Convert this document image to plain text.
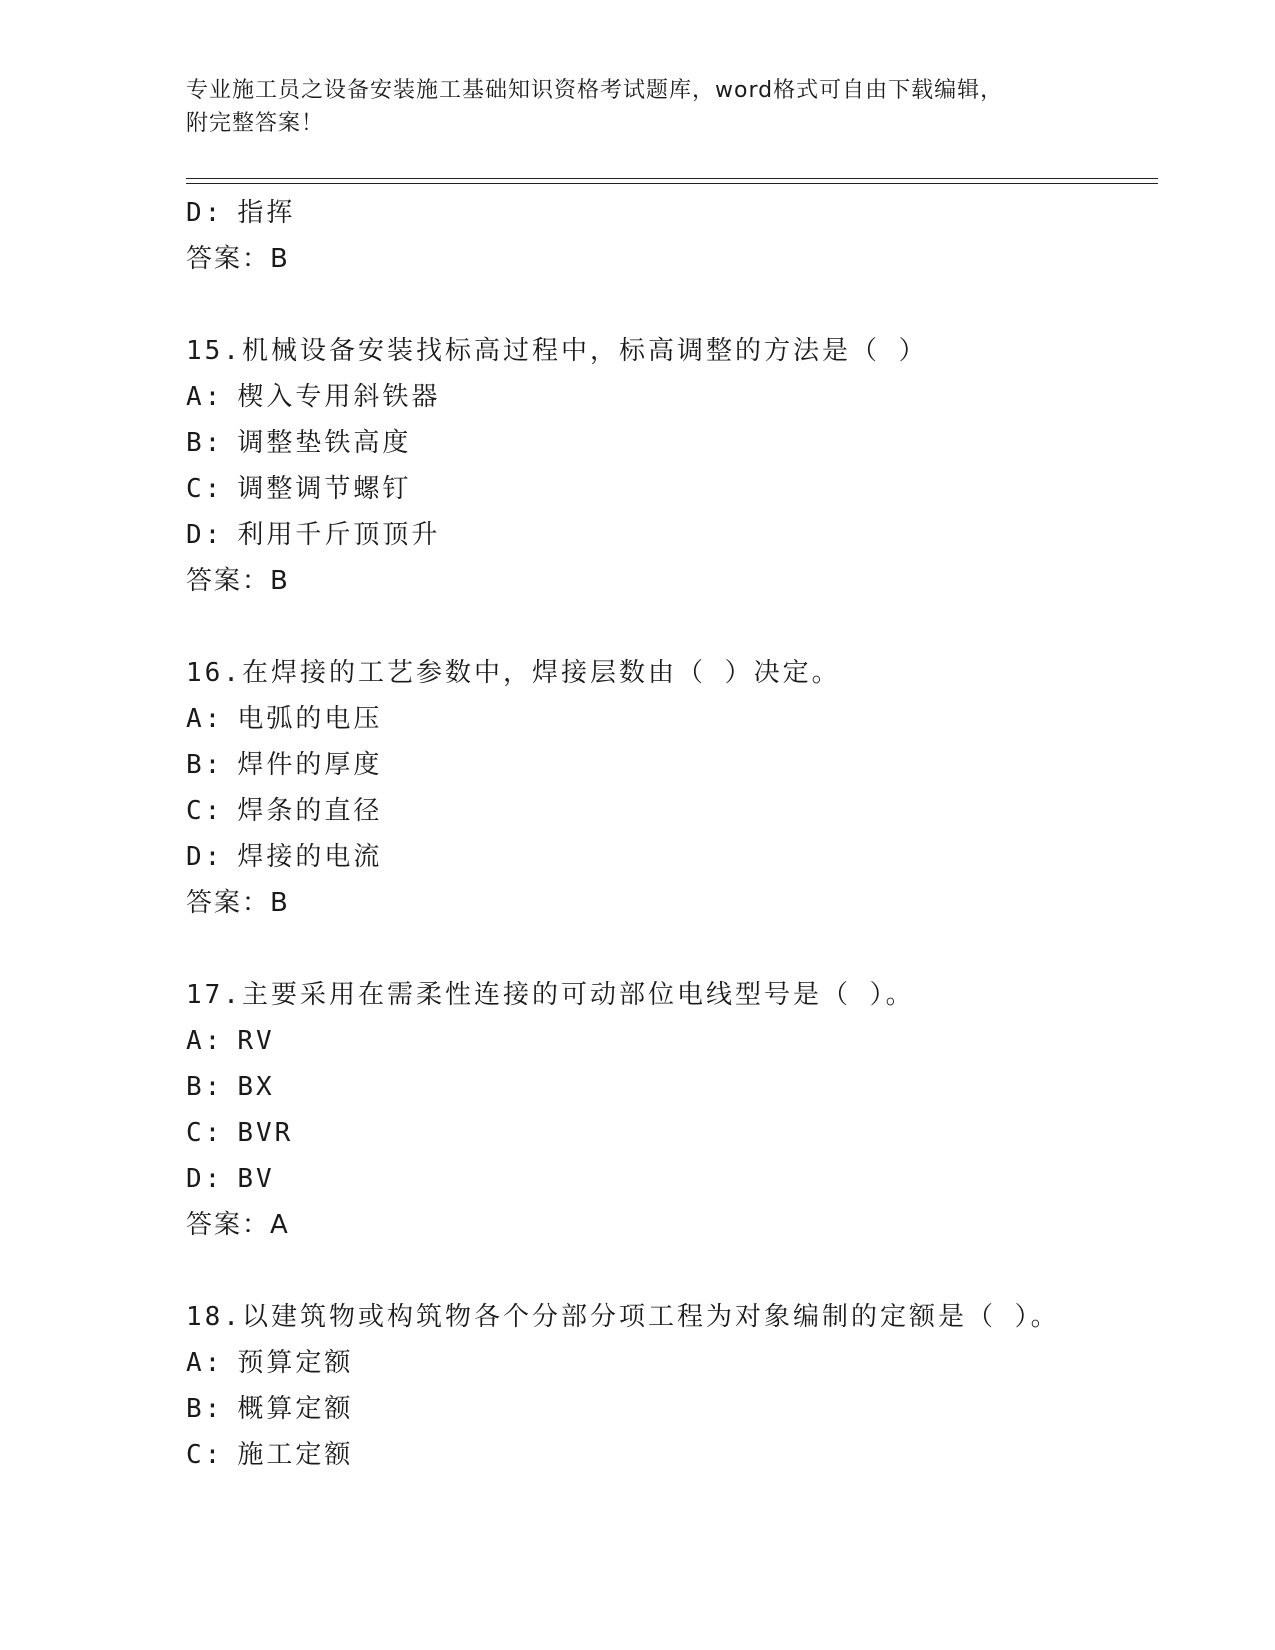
专业施工员之设备安装施工基础知识资格考试题库，word格式可自由下载编辑，
附完整答案！
D: 指挥
答案：B
15.机械设备安装找标高过程中，标高调整的方法是（ ）
A: 楔入专用斜铁器
B: 调整垫铁高度
C: 调整调节螺钉
D: 利用千斤顶顶升
答案：B
16.在焊接的工艺参数中，焊接层数由（ ）决定。
A: 电弧的电压
B: 焊件的厚度
C: 焊条的直径
D: 焊接的电流
答案：B
17.主要采用在需柔性连接的可动部位电线型号是（ ）。
A: RV
B: BX
C: BVR
D: BV
答案：A
18.以建筑物或构筑物各个分部分项工程为对象编制的定额是（ ）。
A: 预算定额
B: 概算定额
C: 施工定额
